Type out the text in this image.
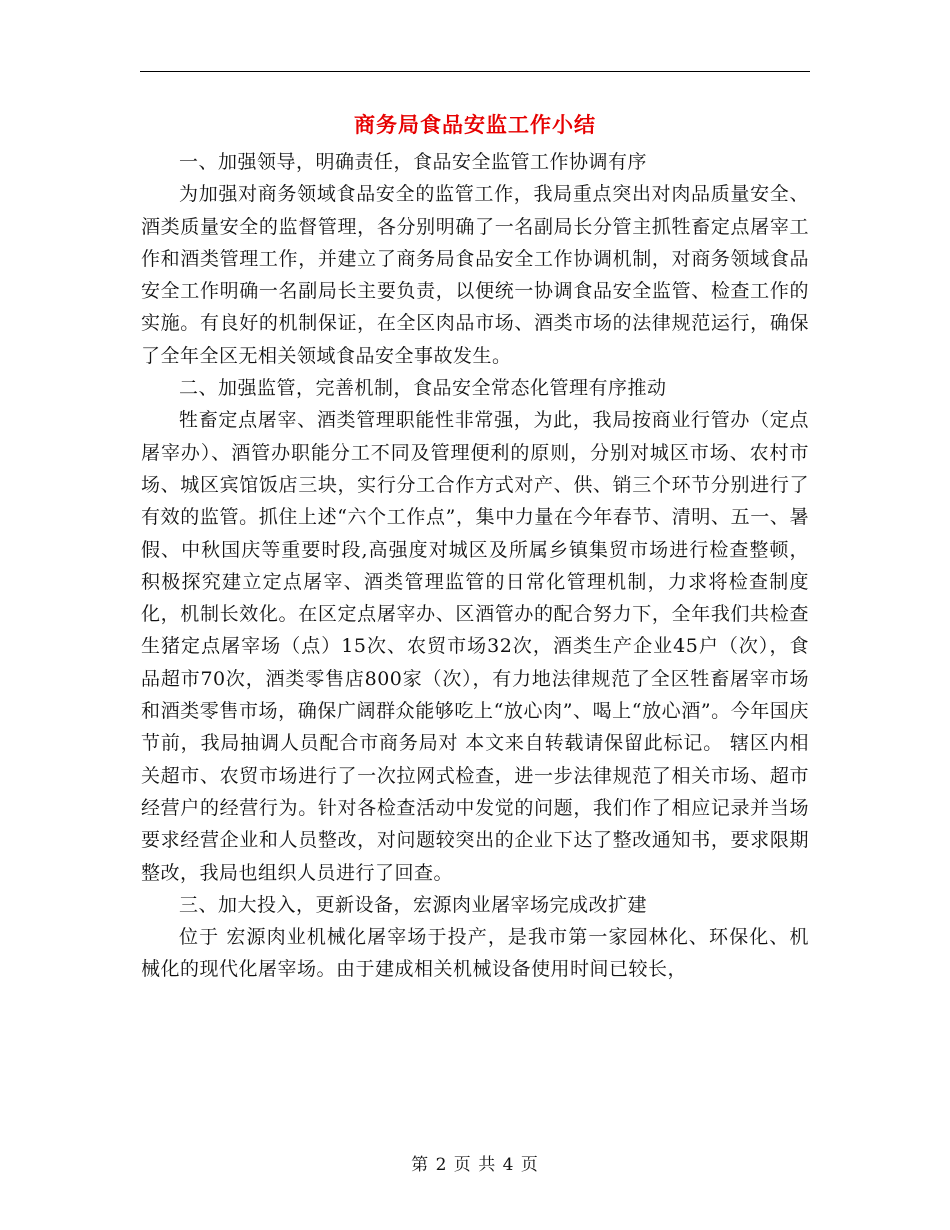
商务局食品安监工作小结

一、加强领导，明确责任，食品安全监管工作协调有序

为加强对商务领域食品安全的监管工作，我局重点突出对肉品质量安全、酒类质量安全的监督管理，各分别明确了一名副局长分管主抓牲畜定点屠宰工作和酒类管理工作，并建立了商务局食品安全工作协调机制，对商务领域食品安全工作明确一名副局长主要负责，以便统一协调食品安全监管、检查工作的实施。有良好的机制保证，在全区肉品市场、酒类市场的法律规范运行，确保了全年全区无相关领域食品安全事故发生。

二、加强监管，完善机制，食品安全常态化管理有序推动

牲畜定点屠宰、酒类管理职能性非常强，为此，我局按商业行管办（定点屠宰办）、酒管办职能分工不同及管理便利的原则，分别对城区市场、农村市场、城区宾馆饭店三块，实行分工合作方式对产、供、销三个环节分别进行了有效的监管。抓住上述“六个工作点”，集中力量在今年春节、清明、五一、暑假、中秋国庆等重要时段,高强度对城区及所属乡镇集贸市场进行检查整顿，积极探究建立定点屠宰、酒类管理监管的日常化管理机制，力求将检查制度化，机制长效化。在区定点屠宰办、区酒管办的配合努力下，全年我们共检查生猪定点屠宰场（点）15次、农贸市场32次，酒类生产企业45户（次），食品超市70次，酒类零售店800家（次），有力地法律规范了全区牲畜屠宰市场和酒类零售市场，确保广阔群众能够吃上“放心肉”、喝上“放心酒”。今年国庆节前，我局抽调人员配合市商务局对 本文来自转载请保留此标记。 辖区内相关超市、农贸市场进行了一次拉网式检查，进一步法律规范了相关市场、超市经营户的经营行为。针对各检查活动中发觉的问题，我们作了相应记录并当场要求经营企业和人员整改，对问题较突出的企业下达了整改通知书，要求限期整改，我局也组织人员进行了回查。

三、加大投入，更新设备，宏源肉业屠宰场完成改扩建

位于 宏源肉业机械化屠宰场于投产，是我市第一家园林化、环保化、机械化的现代化屠宰场。由于建成相关机械设备使用时间已较长，

第 2 页 共 4 页
